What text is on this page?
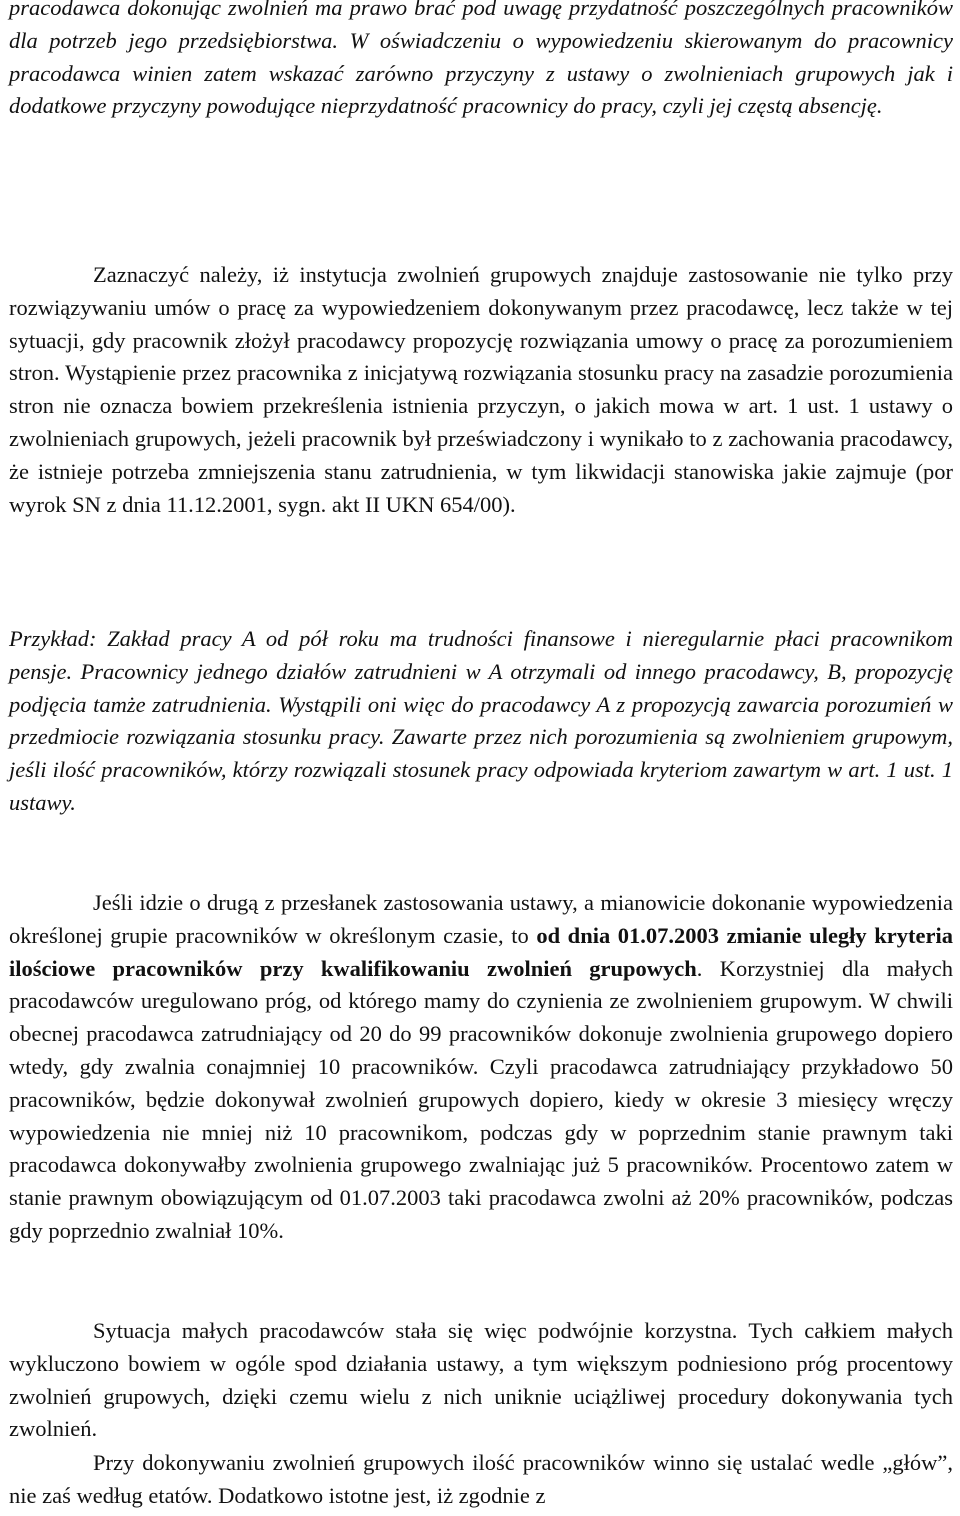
pracodawca dokonując zwolnień ma prawo brać pod uwagę przydatność poszczególnych pracowników dla potrzeb jego przedsiębiorstwa. W oświadczeniu o wypowiedzeniu skierowanym do pracownicy pracodawca winien zatem wskazać zarówno przyczyny z ustawy o zwolnieniach grupowych jak i dodatkowe przyczyny powodujące nieprzydatność pracownicy do pracy, czyli jej częstą absencję.

Zaznaczyć należy, iż instytucja zwolnień grupowych znajduje zastosowanie nie tylko przy rozwiązywaniu umów o pracę za wypowiedzeniem dokonywanym przez pracodawcę, lecz także w tej sytuacji, gdy pracownik złożył pracodawcy propozycję rozwiązania umowy o pracę za porozumieniem stron. Wystąpienie przez pracownika z inicjatywą rozwiązania stosunku pracy na zasadzie porozumienia stron nie oznacza bowiem przekreślenia istnienia przyczyn, o jakich mowa w art. 1 ust. 1 ustawy o zwolnieniach grupowych, jeżeli pracownik był przeświadczony i wynikało to z zachowania pracodawcy, że istnieje potrzeba zmniejszenia stanu zatrudnienia, w tym likwidacji stanowiska jakie zajmuje (por wyrok SN z dnia 11.12.2001, sygn. akt II UKN 654/00).

Przykład: Zakład pracy A od pół roku ma trudności finansowe i nieregularnie płaci pracownikom pensje. Pracownicy jednego działów zatrudnieni w A otrzymali od innego pracodawcy, B, propozycję podjęcia tamże zatrudnienia. Wystąpili oni więc do pracodawcy A z propozycją zawarcia porozumień w przedmiocie rozwiązania stosunku pracy. Zawarte przez nich porozumienia są zwolnieniem grupowym, jeśli ilość pracowników, którzy rozwiązali stosunek pracy odpowiada kryteriom zawartym w art. 1 ust. 1 ustawy.

Jeśli idzie o drugą z przesłanek zastosowania ustawy, a mianowicie dokonanie wypowiedzenia określonej grupie pracowników w określonym czasie, to od dnia 01.07.2003 zmianie uległy kryteria ilościowe pracowników przy kwalifikowaniu zwolnień grupowych. Korzystniej dla małych pracodawców uregulowano próg, od którego mamy do czynienia ze zwolnieniem grupowym. W chwili obecnej pracodawca zatrudniający od 20 do 99 pracowników dokonuje zwolnienia grupowego dopiero wtedy, gdy zwalnia conajmniej 10 pracowników. Czyli pracodawca zatrudniający przykładowo 50 pracowników, będzie dokonywał zwolnień grupowych dopiero, kiedy w okresie 3 miesięcy wręczy wypowiedzenia nie mniej niż 10 pracownikom, podczas gdy w poprzednim stanie prawnym taki pracodawca dokonywałby zwolnienia grupowego zwalniając już 5 pracowników. Procentowo zatem w stanie prawnym obowiązującym od 01.07.2003 taki pracodawca zwolni aż 20% pracowników, podczas gdy poprzednio zwalniał 10%.

Sytuacja małych pracodawców stała się więc podwójnie korzystna. Tych całkiem małych wykluczono bowiem w ogóle spod działania ustawy, a tym większym podniesiono próg procentowy zwolnień grupowych, dzięki czemu wielu z nich uniknie uciążliwej procedury dokonywania tych zwolnień.

Przy dokonywaniu zwolnień grupowych ilość pracowników winno się ustalać wedle „głów”, nie zaś według etatów. Dodatkowo istotne jest, iż zgodnie z
